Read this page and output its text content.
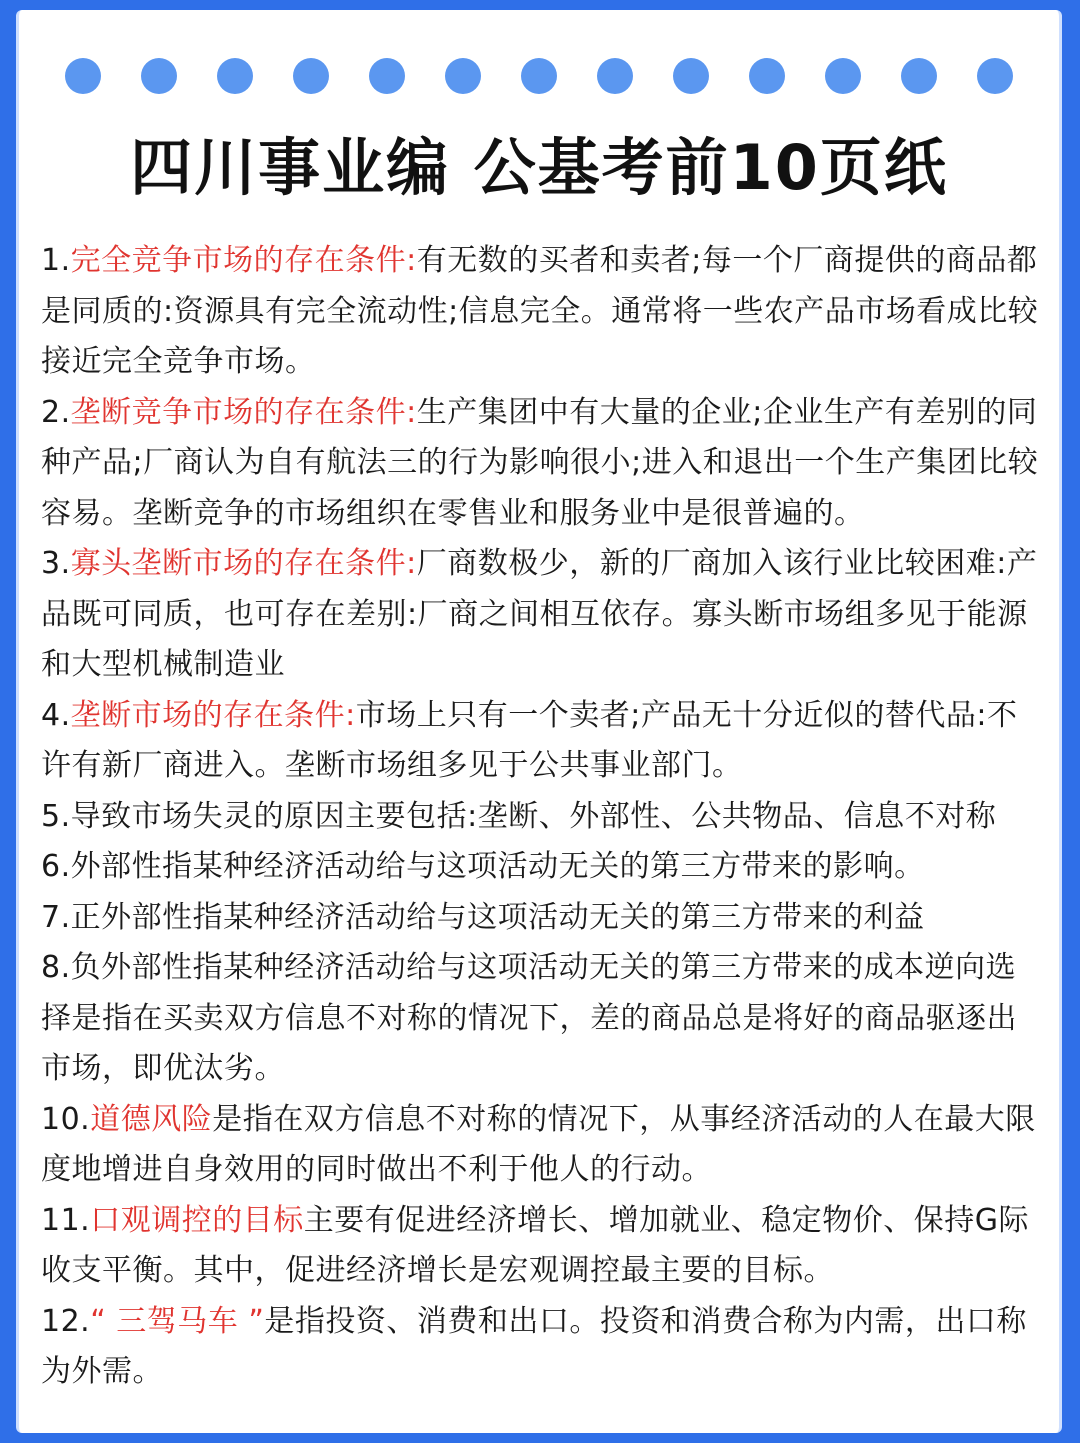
四川事业编 公基考前10页纸

1.完全竞争市场的存在条件:有无数的买者和卖者;每一个厂商提供的商品都是同质的:资源具有完全流动性;信息完全。通常将一些农产品市场看成比较接近完全竞争市场。

2.垄断竞争市场的存在条件:生产集团中有大量的企业;企业生产有差别的同种产品;厂商认为自有航法三的行为影响很小;进入和退出一个生产集团比较容易。垄断竞争的市场组织在零售业和服务业中是很普遍的。

3.寡头垄断市场的存在条件:厂商数极少，新的厂商加入该行业比较困难:产品既可同质，也可存在差别:厂商之间相互依存。寡头断市场组多见于能源和大型机械制造业

4.垄断市场的存在条件:市场上只有一个卖者;产品无十分近似的替代品:不许有新厂商进入。垄断市场组多见于公共事业部门。

5.导致市场失灵的原因主要包括:垄断、外部性、公共物品、信息不对称

6.外部性指某种经济活动给与这项活动无关的第三方带来的影响。

7.正外部性指某种经济活动给与这项活动无关的第三方带来的利益

8.负外部性指某种经济活动给与这项活动无关的第三方带来的成本逆向选择是指在买卖双方信息不对称的情况下，差的商品总是将好的商品驱逐出市场，即优汰劣。

10.道德风险是指在双方信息不对称的情况下，从事经济活动的人在最大限度地增进自身效用的同时做出不利于他人的行动。

11.口观调控的目标主要有促进经济增长、增加就业、稳定物价、保持G际收支平衡。其中，促进经济增长是宏观调控最主要的目标。

12.“ 三驾马车 ”是指投资、消费和出口。投资和消费合称为内需，出口称为外需。
